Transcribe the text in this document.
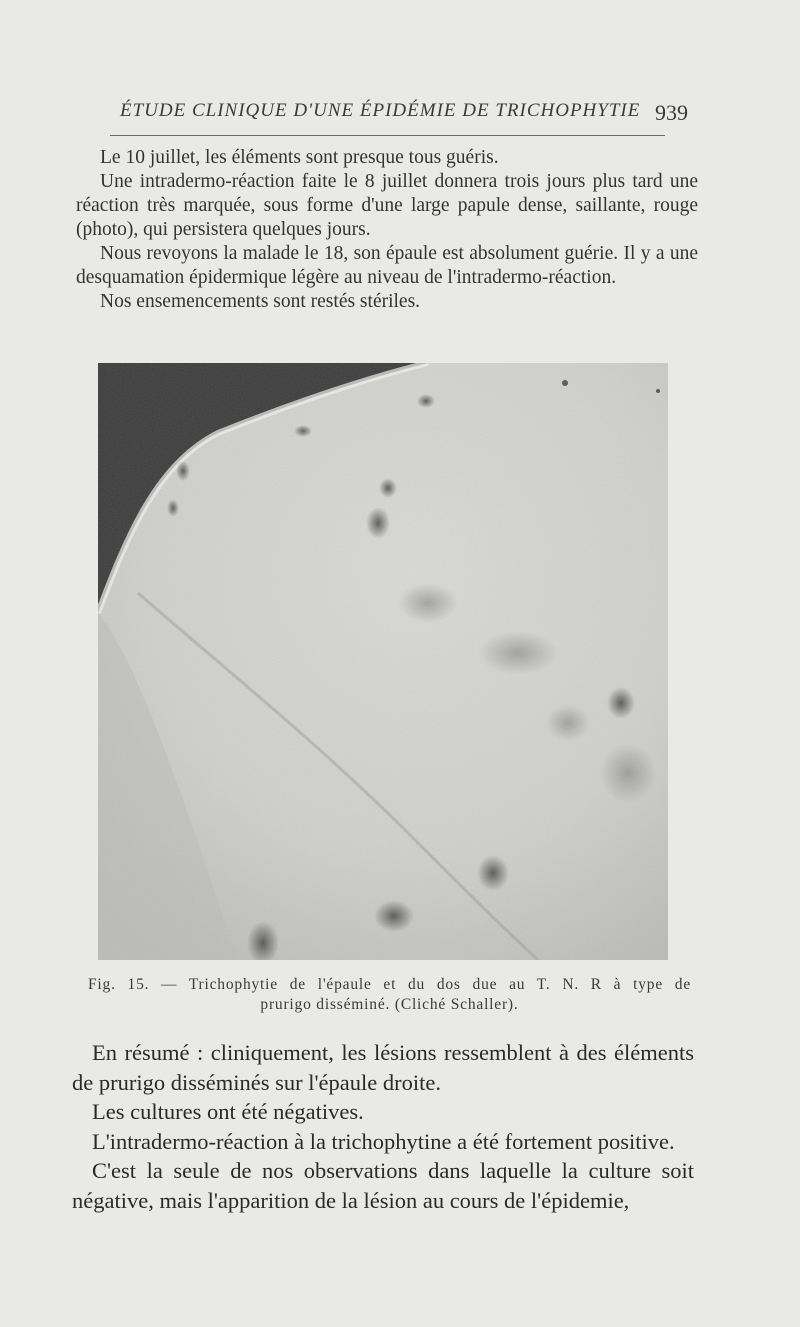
ÉTUDE CLINIQUE D'UNE ÉPIDÉMIE DE TRICHOPHYTIE 939

Le 10 juillet, les éléments sont presque tous guéris.

Une intradermo-réaction faite le 8 juillet donnera trois jours plus tard une réaction très marquée, sous forme d'une large papule dense, saillante, rouge (photo), qui persistera quelques jours.

Nous revoyons la malade le 18, son épaule est absolument guérie. Il y a une desquamation épidermique légère au niveau de l'intradermo-réaction.

Nos ensemencements sont restés stériles.

Fig. 15. — Trichophytie de l'épaule et du dos due au T. N. R à type de
prurigo disséminé. (Cliché Schaller).

En résumé : cliniquement, les lésions ressemblent à des éléments de prurigo disséminés sur l'épaule droite.

Les cultures ont été négatives.

L'intradermo-réaction à la trichophytine a été fortement positive.

C'est la seule de nos observations dans laquelle la culture soit négative, mais l'apparition de la lésion au cours de l'épidemie,
